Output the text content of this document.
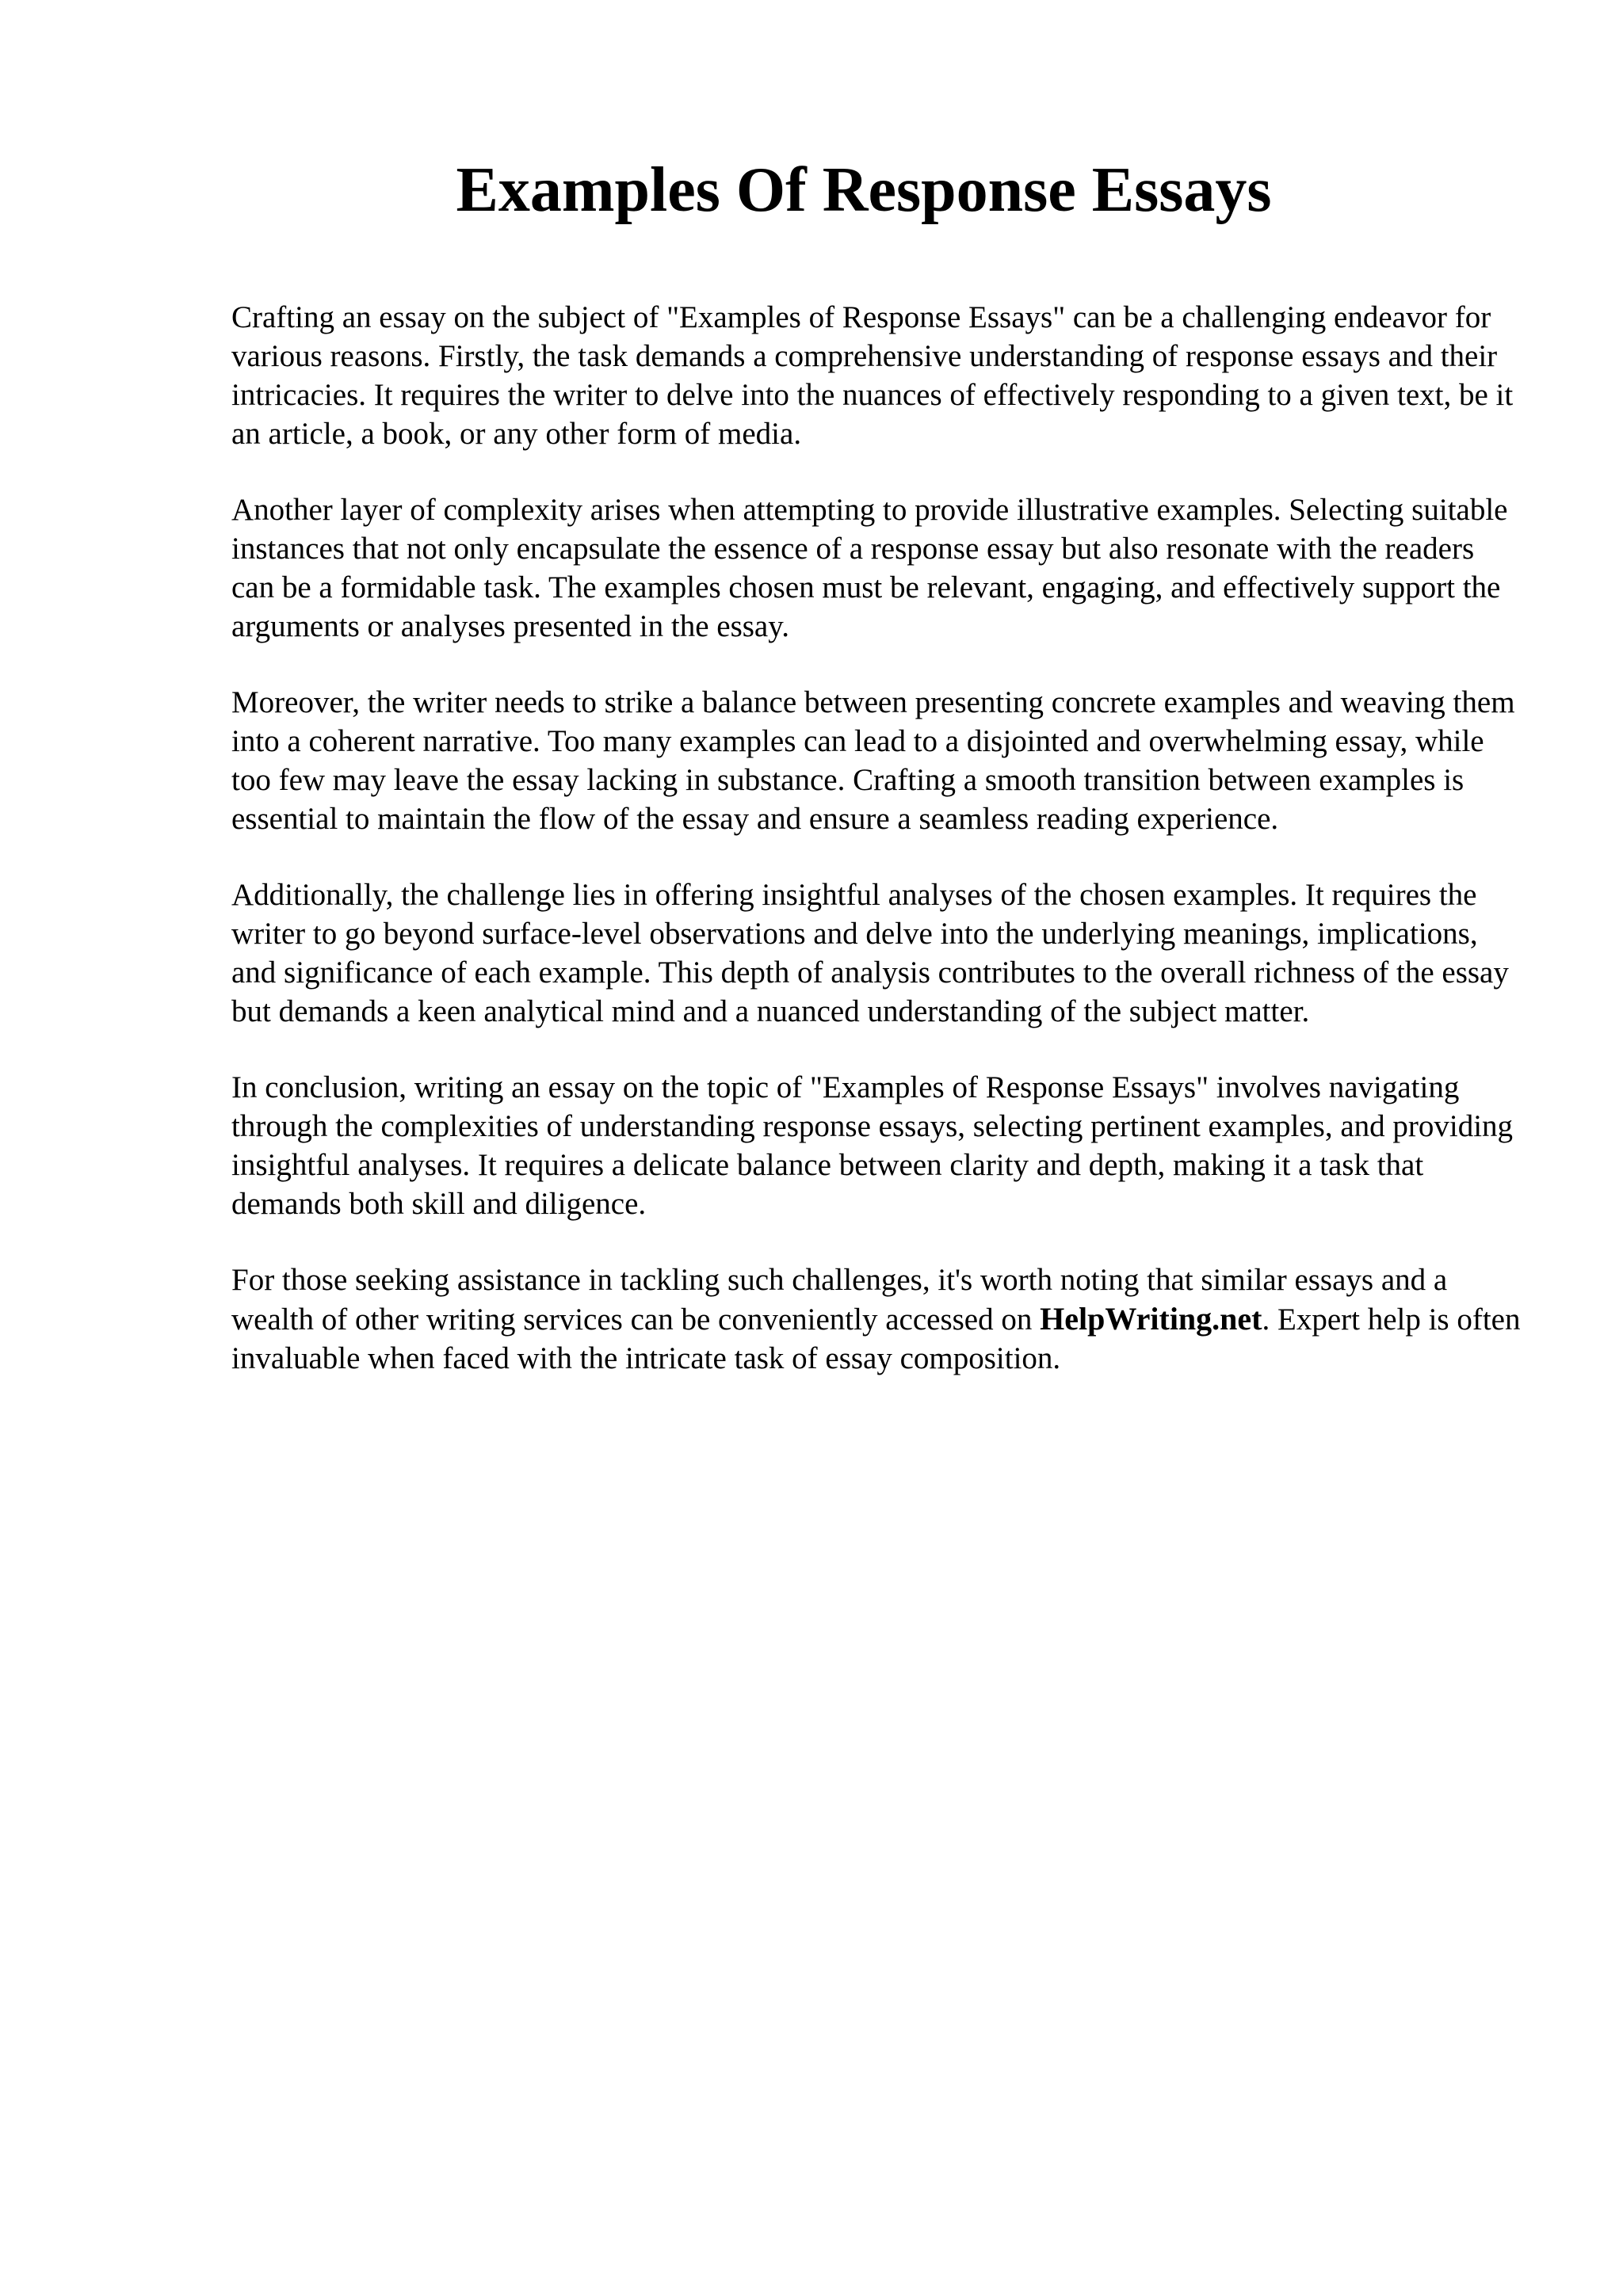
Examples Of Response Essays

Crafting an essay on the subject of "Examples of Response Essays" can be a challenging endeavor for various reasons. Firstly, the task demands a comprehensive understanding of response essays and their intricacies. It requires the writer to delve into the nuances of effectively responding to a given text, be it an article, a book, or any other form of media.

Another layer of complexity arises when attempting to provide illustrative examples. Selecting suitable instances that not only encapsulate the essence of a response essay but also resonate with the readers can be a formidable task. The examples chosen must be relevant, engaging, and effectively support the arguments or analyses presented in the essay.

Moreover, the writer needs to strike a balance between presenting concrete examples and weaving them into a coherent narrative. Too many examples can lead to a disjointed and overwhelming essay, while too few may leave the essay lacking in substance. Crafting a smooth transition between examples is essential to maintain the flow of the essay and ensure a seamless reading experience.

Additionally, the challenge lies in offering insightful analyses of the chosen examples. It requires the writer to go beyond surface-level observations and delve into the underlying meanings, implications, and significance of each example. This depth of analysis contributes to the overall richness of the essay but demands a keen analytical mind and a nuanced understanding of the subject matter.

In conclusion, writing an essay on the topic of "Examples of Response Essays" involves navigating through the complexities of understanding response essays, selecting pertinent examples, and providing insightful analyses. It requires a delicate balance between clarity and depth, making it a task that demands both skill and diligence.

For those seeking assistance in tackling such challenges, it's worth noting that similar essays and a wealth of other writing services can be conveniently accessed on HelpWriting.net. Expert help is often invaluable when faced with the intricate task of essay composition.
